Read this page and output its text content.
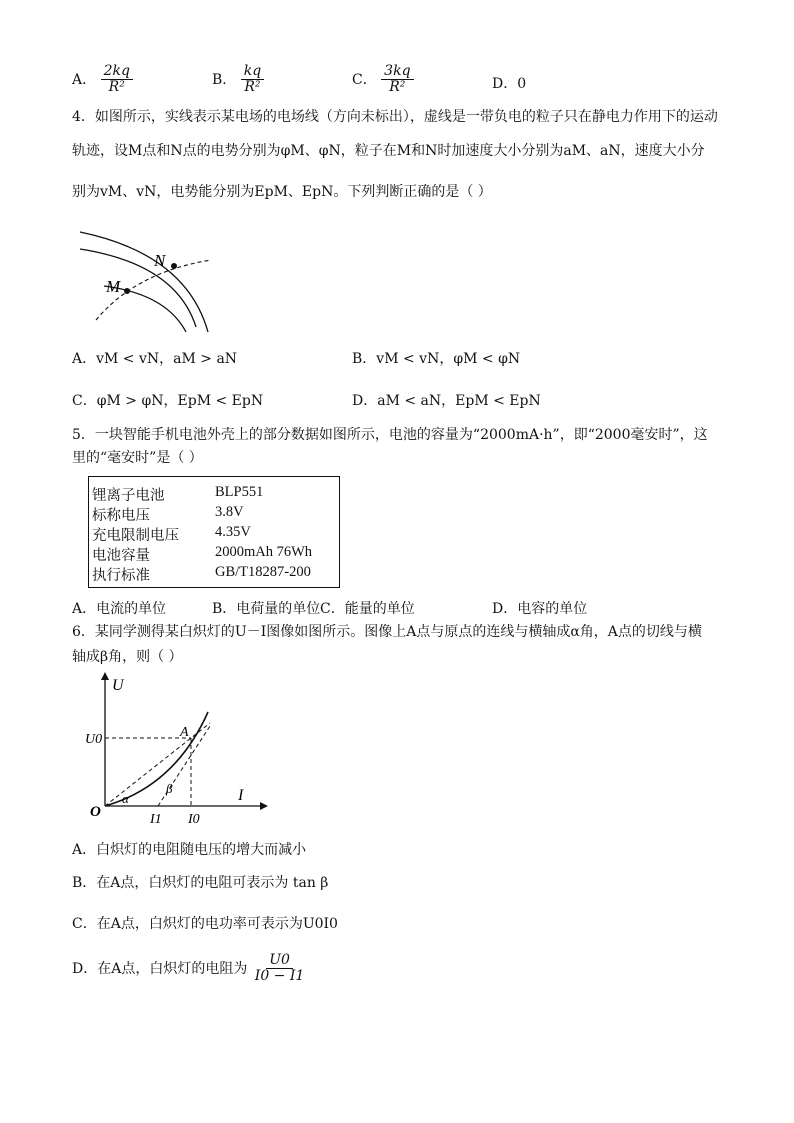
A． $\frac{2kq}{\text{R²}}$	B． $\frac{kq}{\text{R²}}$	C． $\frac{3kq}{\text{R²}}$	D．0
4．如图所示，实线表示某电场的电场线（方向未标出），虚线是一带负电的粒子只在静电力作用下的运动
轨迹，设M点和N点的电势分别为φM、φN，粒子在M和N时加速度大小分别为aM、aN，速度大小分
别为vM、vN，电势能分别为EpM、EpN。下列判断正确的是（ ）
M
N
A．vM < vN，aM > aN	B．vM < vN，φM < φN
C．φM > φN，EpM < EpN	D．aM < aN，EpM < EpN
5．一块智能手机电池外壳上的部分数据如图所示，电池的容量为“2000mA·h”，即“2000毫安时”，这
里的“毫安时”是（ ）
锂离子电池	BLP551
标称电压	3.8V
充电限制电压 4.35V
电池容量	2000mAh 76Wh
执行标准	GB/T18287-200
A．电流的单位	B．电荷量的单位 C．能量的单位	D．电容的单位
6．某同学测得某白炽灯的U－I图像如图所示。图像上A点与原点的连线与横轴成α角，A点的切线与横
轴成β角，则（ ）
U
I
O
A
U0
I0
I1
α
β
A．白炽灯的电阻随电压的增大而减小
B．在A点，白炽灯的电阻可表示为 tan β
C．在A点，白炽灯的电功率可表示为U0I0
D．在A点，白炽灯的电阻为 $\frac{U0}{I0 - I1}$
